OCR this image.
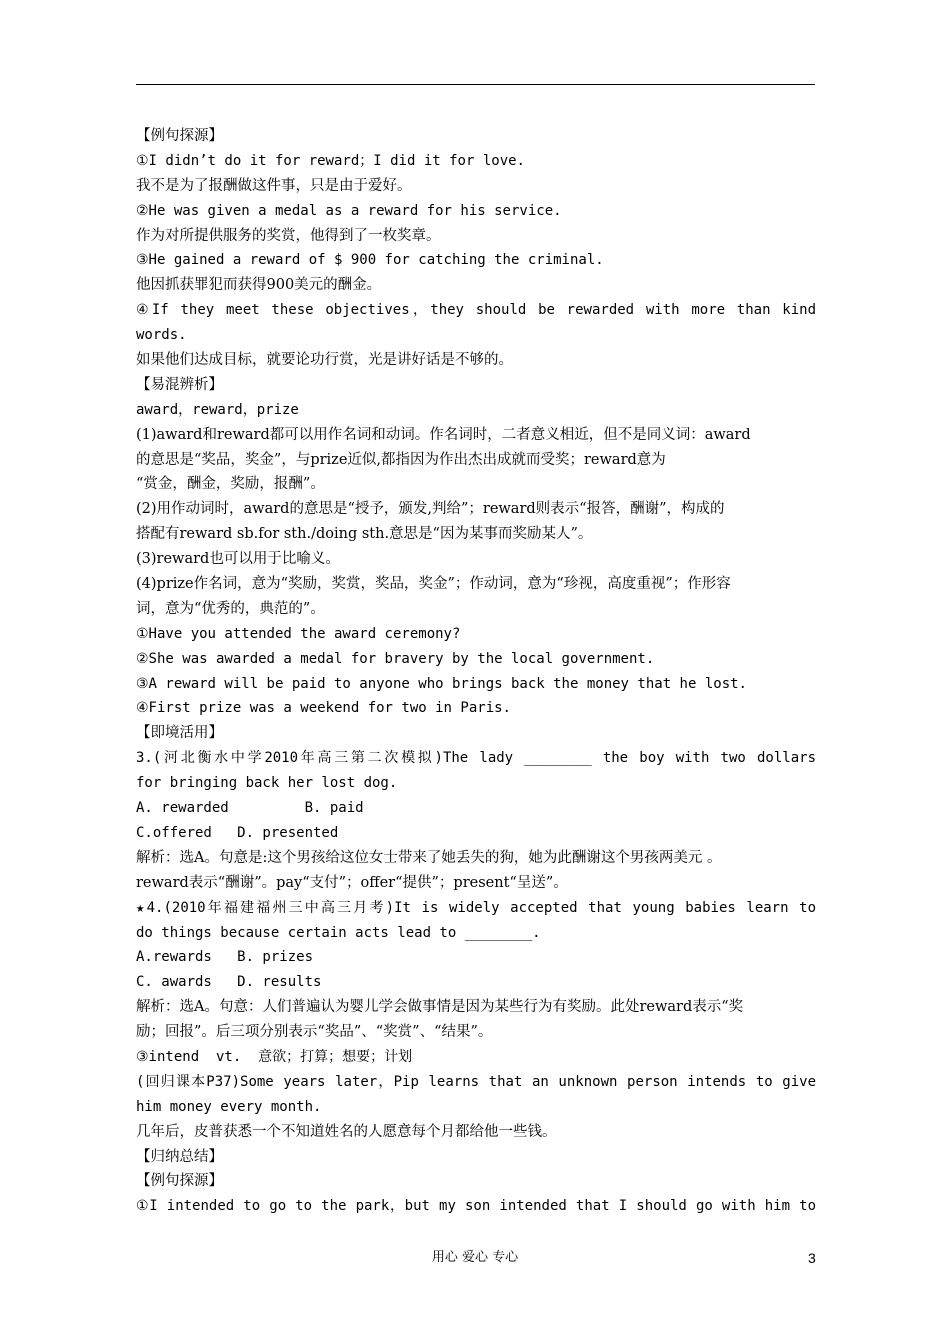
【例句探源】
①I didn’t do it for reward；I did it for love.
我不是为了报酬做这件事，只是由于爱好。
②He was given a medal as a reward for his service.
作为对所提供服务的奖赏，他得到了一枚奖章。
③He gained a reward of $ 900 for catching the criminal.
他因抓获罪犯而获得900美元的酬金。
④If they meet these objectives，they should be rewarded with more than kind
words.
如果他们达成目标，就要论功行赏，光是讲好话是不够的。
【易混辨析】
award，reward，prize
(1)award和reward都可以用作名词和动词。作名词时，二者意义相近，但不是同义词：award
的意思是“奖品，奖金”，与prize近似,都指因为作出杰出成就而受奖；reward意为
“赏金，酬金，奖励，报酬”。
(2)用作动词时，award的意思是“授予，颁发,判给”；reward则表示“报答，酬谢”，构成的
搭配有reward sb.for sth./doing sth.意思是“因为某事而奖励某人”。
(3)reward也可以用于比喻义。
(4)prize作名词，意为“奖励，奖赏，奖品，奖金”；作动词，意为“珍视，高度重视”；作形容
词，意为“优秀的，典范的”。
①Have you attended the award ceremony?
②She was awarded a medal for bravery by the local government.
③A reward will be paid to anyone who brings back the money that he lost.
④First prize was a weekend for two in Paris.
【即境活用】
3.(河北衡水中学2010年高三第二次模拟)The lady ________ the boy with two dollars
for bringing back her lost dog.
A. rewarded         B. paid
C.offered   D. presented
解析：选A。句意是:这个男孩给这位女士带来了她丢失的狗，她为此酬谢这个男孩两美元 。
reward表示“酬谢”。pay“支付”；offer“提供”；present“呈送”。
★4.(2010年福建福州三中高三月考)It is widely accepted that young babies learn to
do things because certain acts lead to ________.
A.rewards   B. prizes
C. awards   D. results
解析：选A。句意：人们普遍认为婴儿学会做事情是因为某些行为有奖励。此处reward表示“奖
励；回报”。后三项分别表示“奖品”、“奖赏”、“结果”。
③intend  vt.  意欲；打算；想要；计划
(回归课本P37)Some years later，Pip learns that an unknown person intends to give
him money every month.
几年后，皮普获悉一个不知道姓名的人愿意每个月都给他一些钱。
【归纳总结】
【例句探源】
①I intended to go to the park，but my son intended that I should go with him to
用心 爱心 专心	3
